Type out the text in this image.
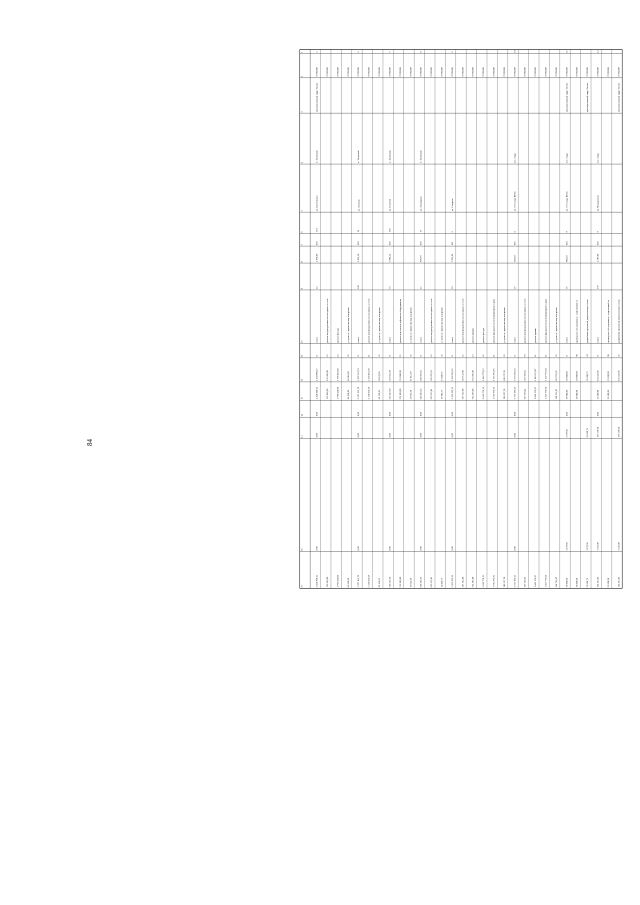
84
1
2
3
4
5
6
7
8
9
10
11
12
13
14
15
16
17
1
71702000
муниципальный округ Тазовс
п. Тазовский
ул. Пиеттомина
27/1
820
3 078,00
14
итого
X
4 460 988,12
4 460 988,12
0,00
0,00
0,00
4 460 988,12
71702000
ремонт внутридомовых инженерных систем
12
156 960,00
156 960,00
156 960,00
71702000
ремонт фасада
14
1 796 840,00
1 796 840,00
1 796 840,00
71702000
услуги по строительному контролю
21
84 918,00
84 918,00
84 918,00
6
71702000
п. Тазовский
ул. Таёжная
16
820
5 024,10
109
итого
X
5 297 163,70
5 297 163,70
0,00
0,00
0,00
5 297 163,70
71702000
ремонт внутридомовых инженерных систем
11
5 228 034,69
5 228 034,69
5 228 034,69
71702000
услуги по строительному контролю
21
69 129,01
69 129,01
69 129,01
7
71702000
п. Тазовский
ул. Геологов
11 Б
820
3 096,34
73
итого
X
563 612,30
563 612,30
0,00
0,00
0,00
563 612,30
71702000
ремонт или замена лифтового оборудования
15
551 800,00
551 800,00
551 800,00
71702000
услуги по строительному контролю
21
11 812,30
11 812,30
11 812,30
8
71702000
п. Тазовский
ул. Заполярная
17
820
878,79
15
итого
X
649 283,56
649 283,56
0,00
0,00
0,00
649 283,56
71702000
ремонт внутридомовых инженерных систем
14
635 476,81
635 476,81
635 476,81
71702000
услуги по строительному контролю
21
13 806,75
13 806,75
13 806,75
9
71702000
ул. Северная
6
821
7 055,00
29
итого
X
5 362 395,24
5 362 395,24
0,00
0,00
0,00
5 362 395,24
71702000
ремонт внутридомовых инженерных систем
12
367 122,00
367 122,00
367 122,00
71702000
ремонт крыши
13
752 495,00
752 495,00
752 495,00
71702000
ремонт фасада
16
2 646 778,13
2 646 778,13
2 646 778,13
71702000
ремонт фундамента многоквартирного дома
11
1 745 976,36
1 745 976,36
1 745 976,36
71702000
услуги по строительному контролю
21
106 237,28
106 237,28
106 237,28
10
71702000
пос. Гыда
ул. 57 Съезда КПСС
8
818
638,30
27
итого
X
3 733 196,34
3 733 196,34
0,00
0,00
0,00
3 733 196,34
71702000
ремонт внутридомовых инженерных систем
19
347 318,64
347 318,64
347 318,64
71702000
ремонт крыши
11
1 849 174,87
1 849 174,87
1 849 174,87
71702000
ремонт фундамента многоквартирного дома
11
1 367 776,60
1 367 776,60
1 367 776,60
71702000
услуги по строительному контролю
21
118 765,87
118 765,87
118 765,87
11
71702000
муниципальный округ Тазовс
пос. Гыда
ул. 57 Съезда КПСС
9
820
988,30
37
итого
X
29 000,00
29 000,00
0,00
3 179,94
3 179,94
29 000,00
71702000
проведение обследования с подготовкой за
98
29 000,00
29 000,00
29 000,00
71702000
муниципальный округ Тазовс
разработка проектной документации на кап
20
56 608,73
56 608,73
3 179,94
56 608,73
12
71702000
пос. Гыда
ул. Молодежная
9
820
4 293,00
137
итого
X
164 443,05
23 600,00
0,00
137 219,60
7 232,00
164 443,05
71702000
проведение обследования с подготовкой за
98
23 600,00
23 600,00
23 600,00
71702000
муниципальный округ Тазовс
разработка проектной документации на кап
22
164 443,05
137 219,60
7 232,00
164 443,05
